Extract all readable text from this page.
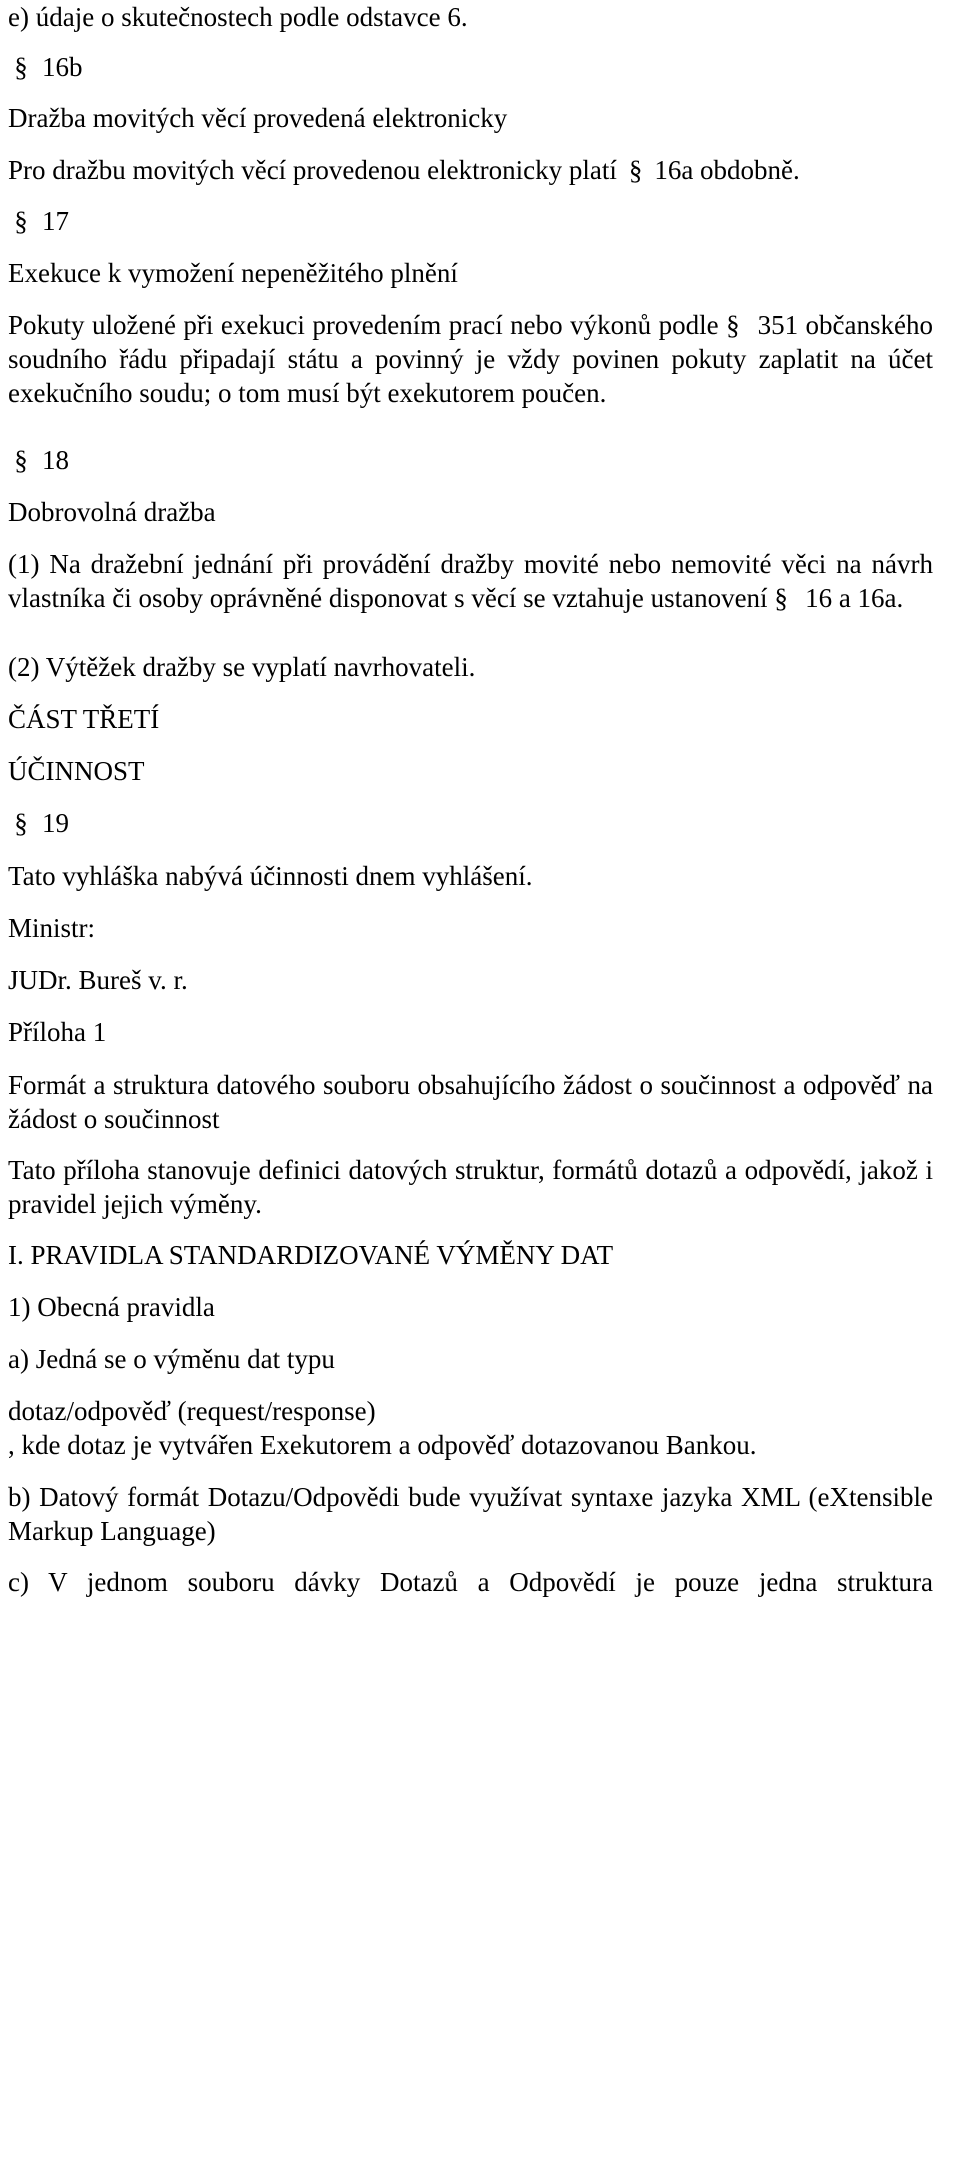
e) údaje o skutečnostech podle odstavce 6.

§ 16b

Dražba movitých věcí provedená elektronicky

Pro dražbu movitých věcí provedenou elektronicky platí § 16a obdobně.

§ 17

Exekuce k vymožení nepeněžitého plnění

Pokuty uložené při exekuci provedením prací nebo výkonů podle § 351 občanského soudního řádu připadají státu a povinný je vždy povinen pokuty zaplatit na účet exekučního soudu; o tom musí být exekutorem poučen.

§ 18

Dobrovolná dražba

(1) Na dražební jednání při provádění dražby movité nebo nemovité věci na návrh vlastníka či osoby oprávněné disponovat s věcí se vztahuje ustanovení § 16 a 16a.

(2) Výtěžek dražby se vyplatí navrhovateli.

ČÁST TŘETÍ

ÚČINNOST

§ 19

Tato vyhláška nabývá účinnosti dnem vyhlášení.

Ministr:

JUDr. Bureš v. r.

Příloha 1

Formát a struktura datového souboru obsahujícího žádost o součinnost a odpověď na žádost o součinnost

Tato příloha stanovuje definici datových struktur, formátů dotazů a odpovědí, jakož i pravidel jejich výměny.

I. PRAVIDLA STANDARDIZOVANÉ VÝMĚNY DAT

1) Obecná pravidla

a) Jedná se o výměnu dat typu

dotaz/odpověď (request/response)

, kde dotaz je vytvářen Exekutorem a odpověď dotazovanou Bankou.

b) Datový formát Dotazu/Odpovědi bude využívat syntaxe jazyka XML (eXtensible Markup Language)

c) V jednom souboru dávky Dotazů a Odpovědí je pouze jedna struktura
